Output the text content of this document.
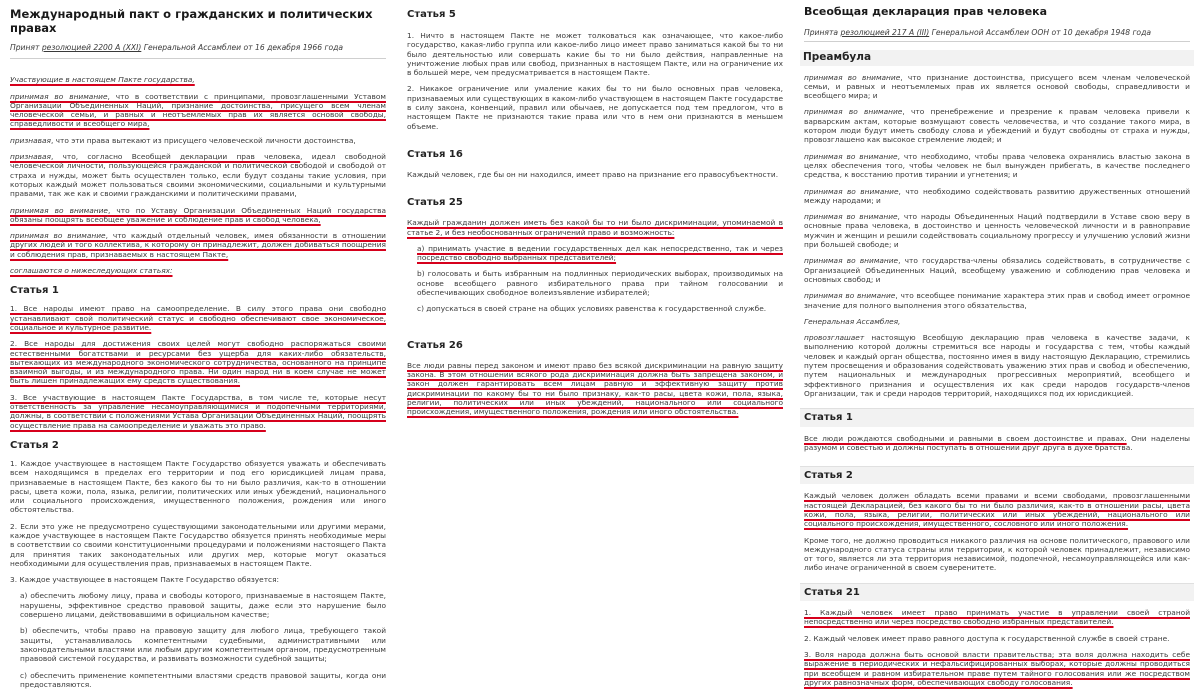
Международный пакт о гражданских и политических правах
Принят резолюцией 2200 A (XXI) Генеральной Ассамблеи от 16 декабря 1966 года

Участвующие в настоящем Пакте государства,

принимая во внимание, что в соответствии с принципами, провозглашенными Уставом Организации Объединенных Наций, признание достоинства, присущего всем членам человеческой семьи, и равных и неотъемлемых прав их является основой свободы, справедливости и всеобщего мира,

признавая, что эти права вытекают из присущего человеческой личности достоинства,

признавая, что, согласно Всеобщей декларации прав человека, идеал свободной человеческой личности, пользующейся гражданской и политической свободой и свободой от страха и нужды, может быть осуществлен только, если будут созданы такие условия, при которых каждый может пользоваться своими экономическими, социальными и культурными правами, так же как и своими гражданскими и политическими правами,

принимая во внимание, что по Уставу Организации Объединенных Наций государства обязаны поощрять всеобщее уважение и соблюдение прав и свобод человека,

принимая во внимание, что каждый отдельный человек, имея обязанности в отношении других людей и того коллектива, к которому он принадлежит, должен добиваться поощрения и соблюдения прав, признаваемых в настоящем Пакте,

соглашаются о нижеследующих статьях:

Статья 1

1. Все народы имеют право на самоопределение. В силу этого права они свободно устанавливают свой политический статус и свободно обеспечивают свое экономическое, социальное и культурное развитие.

2. Все народы для достижения своих целей могут свободно распоряжаться своими естественными богатствами и ресурсами без ущерба для каких-либо обязательств, вытекающих из международного экономического сотрудничества, основанного на принципе взаимной выгоды, и из международного права. Ни один народ ни в коем случае не может быть лишен принадлежащих ему средств существования.

3. Все участвующие в настоящем Пакте Государства, в том числе те, которые несут ответственность за управление несамоуправляющимися и подопечными территориями, должны, в соответствии с положениями Устава Организации Объединенных Наций, поощрять осуществление права на самоопределение и уважать это право.

Статья 2

1. Каждое участвующее в настоящем Пакте Государство обязуется уважать и обеспечивать всем находящимся в пределах его территории и под его юрисдикцией лицам права, признаваемые в настоящем Пакте, без какого бы то ни было различия, как-то в отношении расы, цвета кожи, пола, языка, религии, политических или иных убеждений, национального или социального происхождения, имущественного положения, рождения или иного обстоятельства.

2. Если это уже не предусмотрено существующими законодательными или другими мерами, каждое участвующее в настоящем Пакте Государство обязуется принять необходимые меры в соответствии со своими конституционными процедурами и положениями настоящего Пакта для принятия таких законодательных или других мер, которые могут оказаться необходимыми для осуществления прав, признаваемых в настоящем Пакте.

3. Каждое участвующее в настоящем Пакте Государство обязуется:

a) обеспечить любому лицу, права и свободы которого, признаваемые в настоящем Пакте, нарушены, эффективное средство правовой защиты, даже если это нарушение было совершено лицами, действовавшими в официальном качестве;

b) обеспечить, чтобы право на правовую защиту для любого лица, требующего такой защиты, устанавливалось компетентными судебными, административными или законодательными властями или любым другим компетентным органом, предусмотренным правовой системой государства, и развивать возможности судебной защиты;

c) обеспечить применение компетентными властями средств правовой защиты, когда они предоставляются.

Статья 5

1. Ничто в настоящем Пакте не может толковаться как означающее, что какое-либо государство, какая-либо группа или какое-либо лицо имеет право заниматься какой бы то ни было деятельностью или совершать какие бы то ни было действия, направленные на уничтожение любых прав или свобод, признанных в настоящем Пакте, или на ограничение их в большей мере, чем предусматривается в настоящем Пакте.

2. Никакое ограничение или умаление каких бы то ни было основных прав человека, признаваемых или существующих в каком-либо участвующем в настоящем Пакте государстве в силу закона, конвенций, правил или обычаев, не допускается под тем предлогом, что в настоящем Пакте не признаются такие права или что в нем они признаются в меньшем объеме.

Статья 16

Каждый человек, где бы он ни находился, имеет право на признание его правосубъектности.

Статья 25

Каждый гражданин должен иметь без какой бы то ни было дискриминации, упоминаемой в статье 2, и без необоснованных ограничений право и возможность:

a) принимать участие в ведении государственных дел как непосредственно, так и через посредство свободно выбранных представителей;

b) голосовать и быть избранным на подлинных периодических выборах, производимых на основе всеобщего равного избирательного права при тайном голосовании и обеспечивающих свободное волеизъявление избирателей;

c) допускаться в своей стране на общих условиях равенства к государственной службе.

Статья 26

Все люди равны перед законом и имеют право без всякой дискриминации на равную защиту закона. В этом отношении всякого рода дискриминация должна быть запрещена законом, и закон должен гарантировать всем лицам равную и эффективную защиту против дискриминации по какому бы то ни было признаку, как-то расы, цвета кожи, пола, языка, религии, политических или иных убеждений, национального или социального происхождения, имущественного положения, рождения или иного обстоятельства.

Всеобщая декларация прав человека
Принята резолюцией 217 A (III) Генеральной Ассамблеи ООН от 10 декабря 1948 года
Преамбула

принимая во внимание, что признание достоинства, присущего всем членам человеческой семьи, и равных и неотъемлемых прав их является основой свободы, справедливости и всеобщего мира; и

принимая во внимание, что пренебрежение и презрение к правам человека привели к варварским актам, которые возмущают совесть человечества, и что создание такого мира, в котором люди будут иметь свободу слова и убеждений и будут свободны от страха и нужды, провозглашено как высокое стремление людей; и

принимая во внимание, что необходимо, чтобы права человека охранялись властью закона в целях обеспечения того, чтобы человек не был вынужден прибегать, в качестве последнего средства, к восстанию против тирании и угнетения; и

принимая во внимание, что необходимо содействовать развитию дружественных отношений между народами; и

принимая во внимание, что народы Объединенных Наций подтвердили в Уставе свою веру в основные права человека, в достоинство и ценность человеческой личности и в равноправие мужчин и женщин и решили содействовать социальному прогрессу и улучшению условий жизни при большей свободе; и

принимая во внимание, что государства-члены обязались содействовать, в сотрудничестве с Организацией Объединенных Наций, всеобщему уважению и соблюдению прав человека и основных свобод; и

принимая во внимание, что всеобщее понимание характера этих прав и свобод имеет огромное значение для полного выполнения этого обязательства,

Генеральная Ассамблея,

провозглашает настоящую Всеобщую декларацию прав человека в качестве задачи, к выполнению которой должны стремиться все народы и государства с тем, чтобы каждый человек и каждый орган общества, постоянно имея в виду настоящую Декларацию, стремились путем просвещения и образования содействовать уважению этих прав и свобод и обеспечению, путем национальных и международных прогрессивных мероприятий, всеобщего и эффективного признания и осуществления их как среди народов государств-членов Организации, так и среди народов территорий, находящихся под их юрисдикцией.

Статья 1

Все люди рождаются свободными и равными в своем достоинстве и правах. Они наделены разумом и совестью и должны поступать в отношении друг друга в духе братства.

Статья 2

Каждый человек должен обладать всеми правами и всеми свободами, провозглашенными настоящей Декларацией, без какого бы то ни было различия, как-то в отношении расы, цвета кожи, пола, языка, религии, политических или иных убеждений, национального или социального происхождения, имущественного, сословного или иного положения.

Кроме того, не должно проводиться никакого различия на основе политического, правового или международного статуса страны или территории, к которой человек принадлежит, независимо от того, является ли эта территория независимой, подопечной, несамоуправляющейся или как-либо иначе ограниченной в своем суверенитете.

Статья 21

1. Каждый человек имеет право принимать участие в управлении своей страной непосредственно или через посредство свободно избранных представителей.

2. Каждый человек имеет право равного доступа к государственной службе в своей стране.

3. Воля народа должна быть основой власти правительства; эта воля должна находить себе выражение в периодических и нефальсифицированных выборах, которые должны проводиться при всеобщем и равном избирательном праве путем тайного голосования или же посредством других равнозначных форм, обеспечивающих свободу голосования.
